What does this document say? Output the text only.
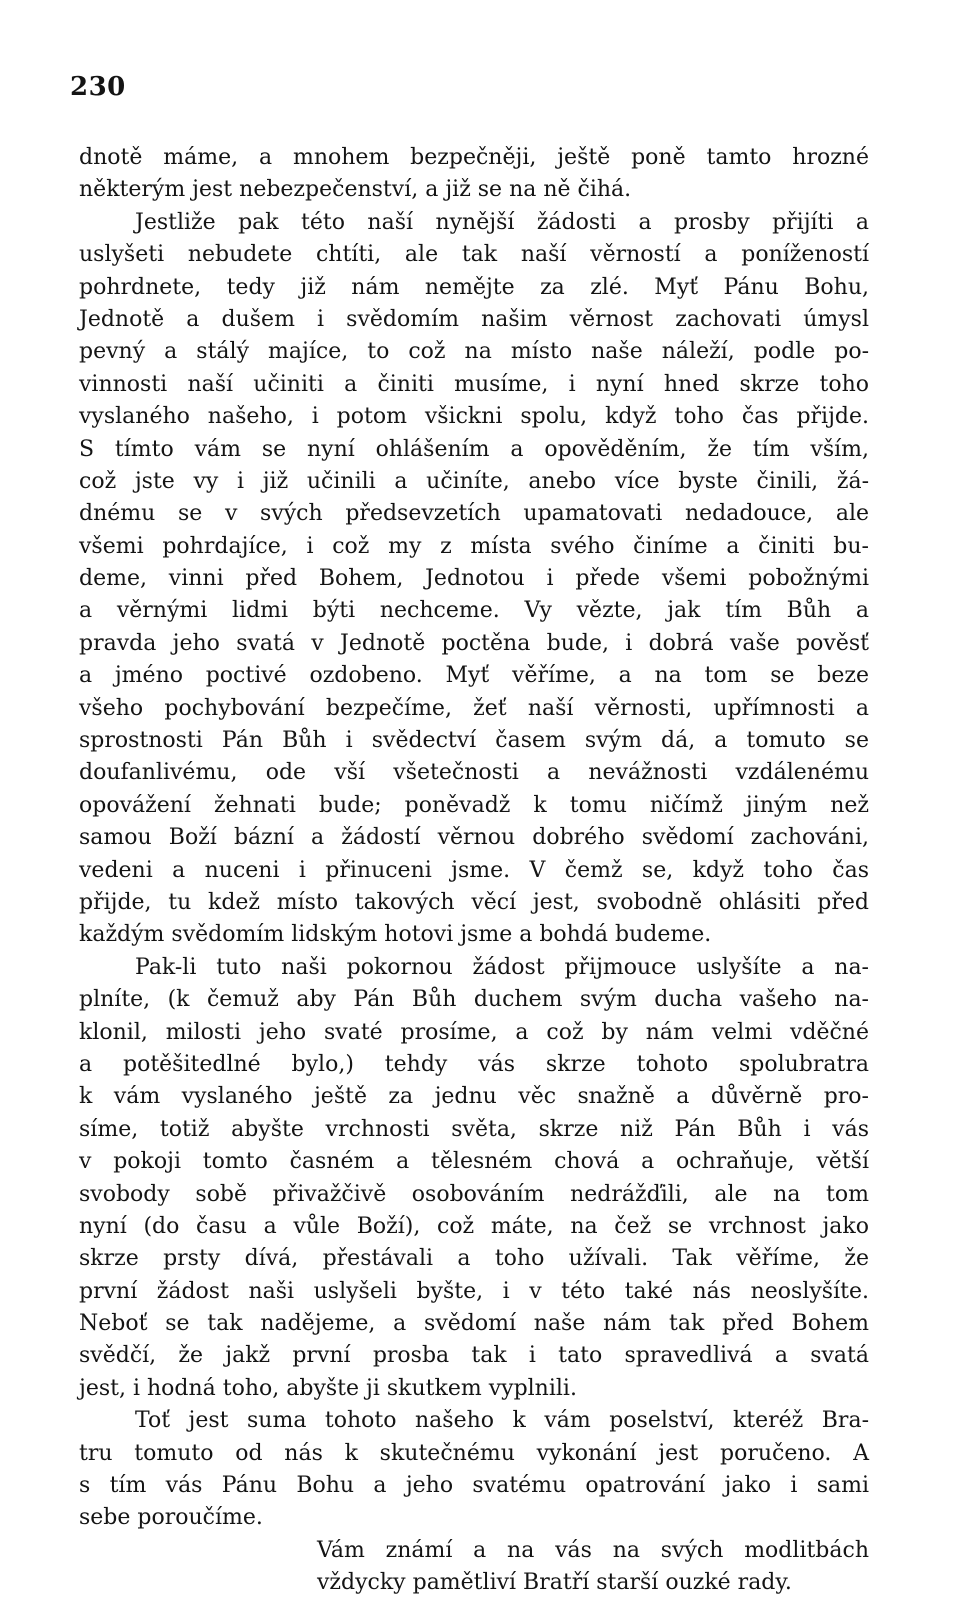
230
dnotě máme, a mnohem bezpečněji, ještě poně tamto hrozné
některým jest nebezpečenství, a již se na ně čihá.
Jestliže pak této naší nynější žádosti a prosby přijíti a
uslyšeti nebudete chtíti, ale tak naší věrností a ponížeností
pohrdnete, tedy již nám nemějte za zlé. Myť Pánu Bohu,
Jednotě a dušem i svědomím našim věrnost zachovati úmysl
pevný a stálý majíce, to což na místo naše náleží, podle po-
vinnosti naší učiniti a činiti musíme, i nyní hned skrze toho
vyslaného našeho, i potom všickni spolu, když toho čas přijde.
S tímto vám se nyní ohlášením a opověděním, že tím vším,
což jste vy i již učinili a učiníte, anebo více byste činili, žá-
dnému se v svých předsevzetích upamatovati nedadouce, ale
všemi pohrdajíce, i což my z místa svého činíme a činiti bu-
deme, vinni před Bohem, Jednotou i přede všemi pobožnými
a věrnými lidmi býti nechceme. Vy vězte, jak tím Bůh a
pravda jeho svatá v Jednotě poctěna bude, i dobrá vaše pověsť
a jméno poctivé ozdobeno. Myť věříme, a na tom se beze
všeho pochybování bezpečíme, žeť naší věrnosti, upřímnosti a
sprostnosti Pán Bůh i svědectví časem svým dá, a tomuto se
doufanlivému, ode vší všetečnosti a nevážnosti vzdálenému
opovážení žehnati bude; poněvadž k tomu ničímž jiným než
samou Boží bázní a žádostí věrnou dobrého svědomí zachováni,
vedeni a nuceni i přinuceni jsme. V čemž se, když toho čas
přijde, tu kdež místo takových věcí jest, svobodně ohlásiti před
každým svědomím lidským hotovi jsme a bohdá budeme.
Pak-li tuto naši pokornou žádost přijmouce uslyšíte a na-
plníte, (k čemuž aby Pán Bůh duchem svým ducha vašeho na-
klonil, milosti jeho svaté prosíme, a což by nám velmi vděčné
a potěšitedlné bylo,) tehdy vás skrze tohoto spolubratra
k vám vyslaného ještě za jednu věc snažně a důvěrně pro-
síme, totiž abyšte vrchnosti světa, skrze niž Pán Bůh i vás
v pokoji tomto časném a tělesném chová a ochraňuje, větší
svobody sobě přivažčivě osobováním nedrážďili, ale na tom
nyní (do času a vůle Boží), což máte, na čež se vrchnost jako
skrze prsty dívá, přestávali a toho užívali. Tak věříme, že
první žádost naši uslyšeli byšte, i v této také nás neoslyšíte.
Neboť se tak nadějeme, a svědomí naše nám tak před Bohem
svědčí, že jakž první prosba tak i tato spravedlivá a svatá
jest, i hodná toho, abyšte ji skutkem vyplnili.
Toť jest suma tohoto našeho k vám poselství, kteréž Bra-
tru tomuto od nás k skutečnému vykonání jest poručeno. A
s tím vás Pánu Bohu a jeho svatému opatrování jako i sami
sebe poroučíme.
Vám známí a na vás na svých modlitbách
vždycky pamětliví Bratří starší ouzké rady.
